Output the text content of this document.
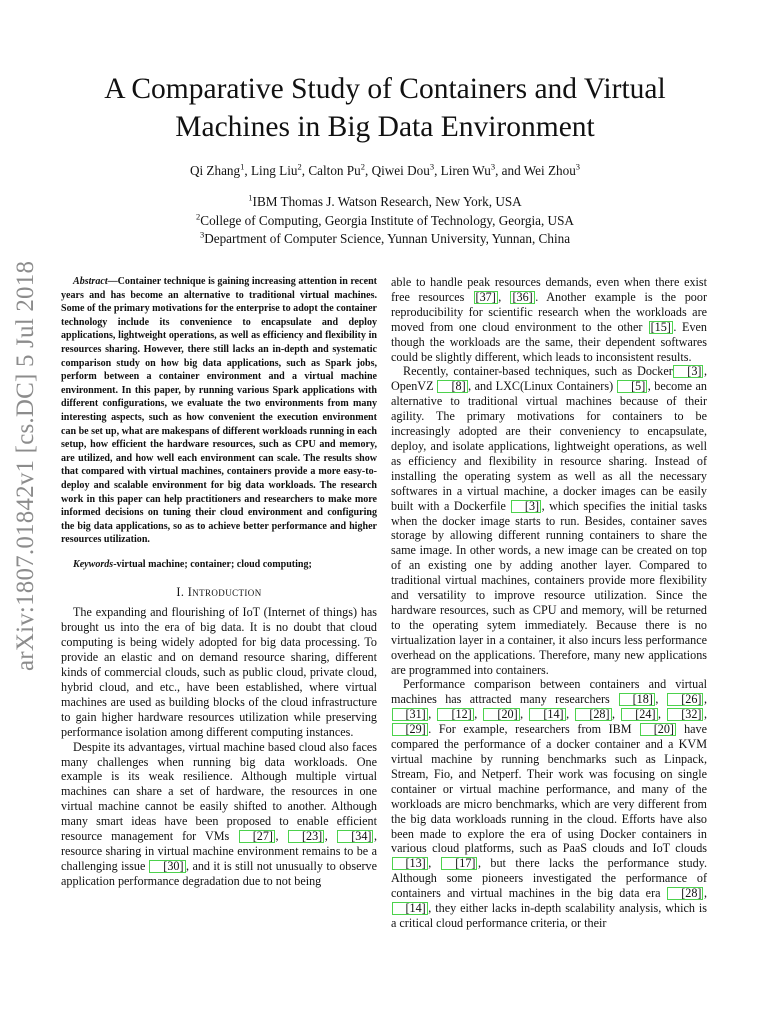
arXiv:1807.01842v1 [cs.DC] 5 Jul 2018
A Comparative Study of Containers and Virtual Machines in Big Data Environment
Qi Zhang$^1$, Ling Liu$^2$, Calton Pu$^2$, Qiwei Dou$^3$, Liren Wu$^3$, and Wei Zhou$^3$
$^1$IBM Thomas J. Watson Research, New York, USA
$^2$College of Computing, Georgia Institute of Technology, Georgia, USA
$^3$Department of Computer Science, Yunnan University, Yunnan, China
Abstract—Container technique is gaining increasing attention in recent years and has become an alternative to traditional virtual machines. Some of the primary motivations for the enterprise to adopt the container technology include its convenience to encapsulate and deploy applications, lightweight operations, as well as efficiency and flexibility in resources sharing. However, there still lacks an in-depth and systematic comparison study on how big data applications, such as Spark jobs, perform between a container environment and a virtual machine environment. In this paper, by running various Spark applications with different configurations, we evaluate the two environments from many interesting aspects, such as how convenient the execution environment can be set up, what are makespans of different workloads running in each setup, how efficient the hardware resources, such as CPU and memory, are utilized, and how well each environment can scale. The results show that compared with virtual machines, containers provide a more easy-to-deploy and scalable environment for big data workloads. The research work in this paper can help practitioners and researchers to make more informed decisions on tuning their cloud environment and configuring the big data applications, so as to achieve better performance and higher resources utilization.
Keywords-virtual machine; container; cloud computing;
I. Introduction

The expanding and flourishing of IoT (Internet of things) has brought us into the era of big data. It is no doubt that cloud computing is being widely adopted for big data processing. To provide an elastic and on demand resource sharing, different kinds of commercial clouds, such as public cloud, private cloud, hybrid cloud, and etc., have been established, where virtual machines are used as building blocks of the cloud infrastructure to gain higher hardware resources utilization while preserving performance isolation among different computing instances.

Despite its advantages, virtual machine based cloud also faces many challenges when running big data workloads. One example is its weak resilience. Although multiple virtual machines can share a set of hardware, the resources in one virtual machine cannot be easily shifted to another. Although many smart ideas have been proposed to enable efficient resource management for VMs [27] , [23] , [34] , resource sharing in virtual machine environment remains to be a challenging issue [30] , and it is still not unusually to observe application performance degradation due to not being

able to handle peak resources demands, even when there exist free resources [37] , [36] . Another example is the poor reproducibility for scientific research when the workloads are moved from one cloud environment to the other [15] . Even though the workloads are the same, their dependent softwares could be slightly different, which leads to inconsistent results.

Recently, container-based techniques, such as Docker [3] , OpenVZ [8] , and LXC(Linux Containers) [5] , become an alternative to traditional virtual machines because of their agility. The primary motivations for containers to be increasingly adopted are their conveniency to encapsulate, deploy, and isolate applications, lightweight operations, as well as efficiency and flexibility in resource sharing. Instead of installing the operating system as well as all the necessary softwares in a virtual machine, a docker images can be easily built with a Dockerfile [3] , which specifies the initial tasks when the docker image starts to run. Besides, container saves storage by allowing different running containers to share the same image. In other words, a new image can be created on top of an existing one by adding another layer. Compared to traditional virtual machines, containers provide more flexibility and versatility to improve resource utilization. Since the hardware resources, such as CPU and memory, will be returned to the operating sytem immediately. Because there is no virtualization layer in a container, it also incurs less performance overhead on the applications. Therefore, many new applications are programmed into containers.

Performance comparison between containers and virtual machines has attracted many researchers [18] , [26] , [31] , [12] , [20] , [14] , [28] , [24] , [32] , [29] . For example, researchers from IBM [20] have compared the performance of a docker container and a KVM virtual machine by running benchmarks such as Linpack, Stream, Fio, and Netperf. Their work was focusing on single container or virtual machine performance, and many of the workloads are micro benchmarks, which are very different from the big data workloads running in the cloud. Efforts have also been made to explore the era of using Docker containers in various cloud platforms, such as PaaS clouds and IoT clouds [13] , [17] , but there lacks the performance study. Although some pioneers investigated the performance of containers and virtual machines in the big data era [28] , [14] , they either lacks in-depth scalability analysis, which is a critical cloud performance criteria, or their
